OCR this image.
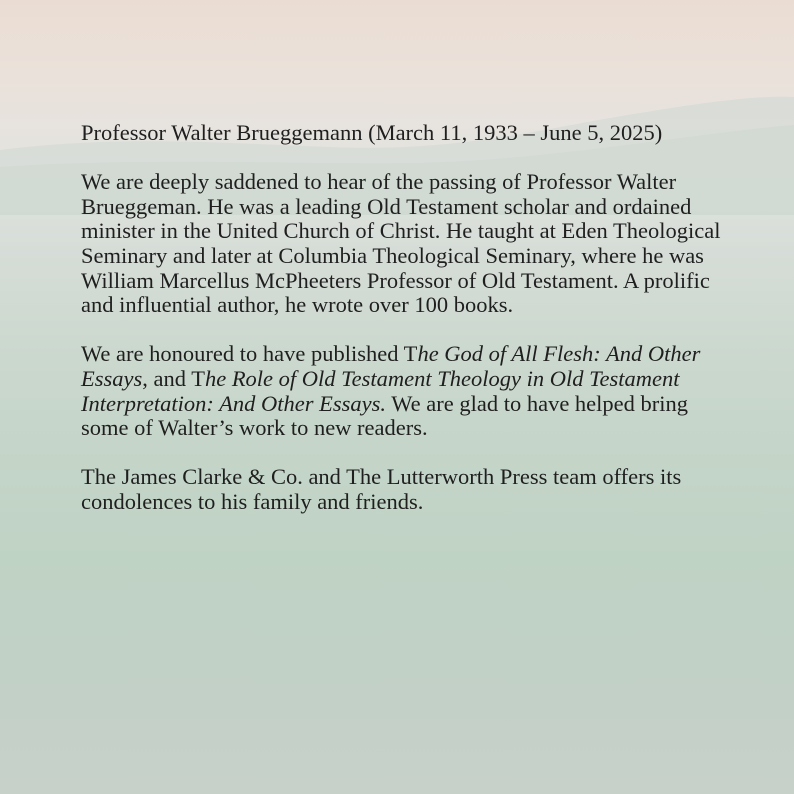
Professor Walter Brueggemann (March 11, 1933 – June 5, 2025)

We are deeply saddened to hear of the passing of Professor Walter Brueggeman. He was a leading Old Testament scholar and ordained minister in the United Church of Christ. He taught at Eden Theological Seminary and later at Columbia Theological Seminary, where he was William Marcellus McPheeters Professor of Old Testament. A prolific and influential author, he wrote over 100 books.

We are honoured to have published The God of All Flesh: And Other Essays, and The Role of Old Testament Theology in Old Testament Interpretation: And Other Essays. We are glad to have helped bring some of Walter’s work to new readers.

The James Clarke & Co. and The Lutterworth Press team offers its condolences to his family and friends.
